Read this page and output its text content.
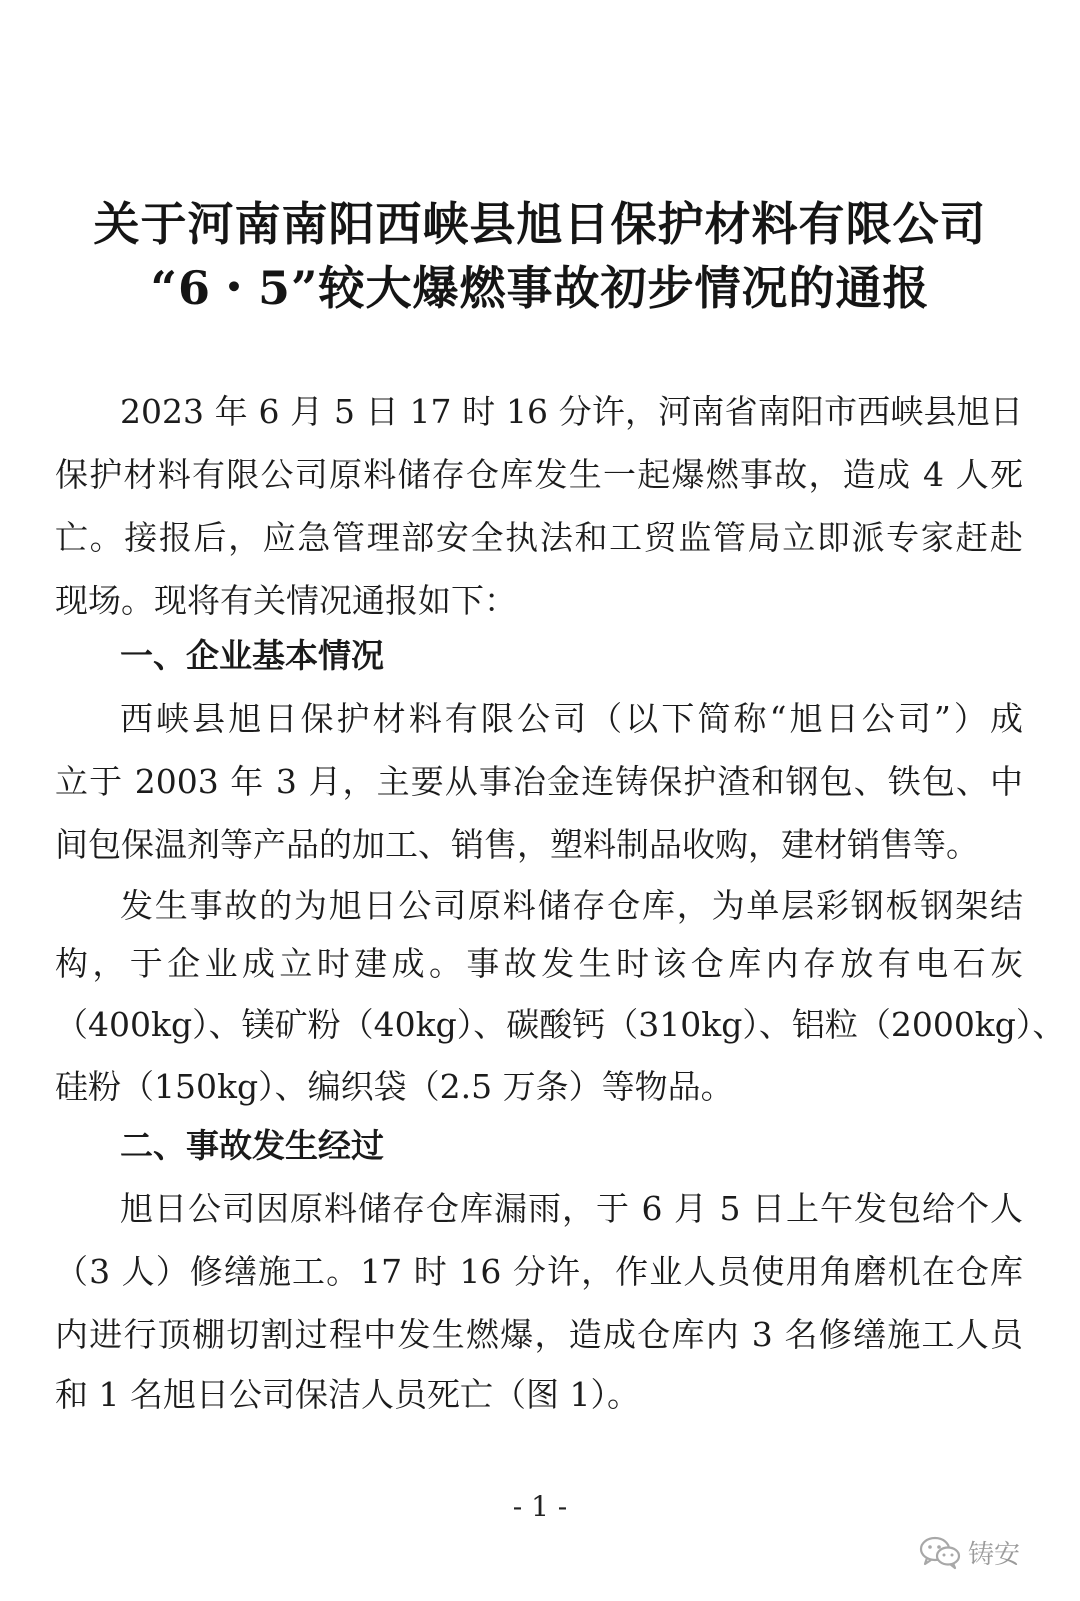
关于河南南阳西峡县旭日保护材料有限公司
“6・5”较大爆燃事故初步情况的通报
2023 年 6 月 5 日 17 时 16 分许，河南省南阳市西峡县旭日
保护材料有限公司原料储存仓库发生一起爆燃事故，造成 4 人死
亡。接报后，应急管理部安全执法和工贸监管局立即派专家赶赴
现场。现将有关情况通报如下：
一、企业基本情况
西峡县旭日保护材料有限公司（以下简称“旭日公司”）成
立于 2003 年 3 月，主要从事冶金连铸保护渣和钢包、铁包、中
间包保温剂等产品的加工、销售，塑料制品收购，建材销售等。
发生事故的为旭日公司原料储存仓库，为单层彩钢板钢架结
构，于企业成立时建成。事故发生时该仓库内存放有电石灰
（400kg）、镁矿粉（40kg）、碳酸钙（310kg）、铝粒（2000kg）、
硅粉（150kg）、编织袋（2.5 万条）等物品。
二、事故发生经过
旭日公司因原料储存仓库漏雨，于 6 月 5 日上午发包给个人
（3 人）修缮施工。17 时 16 分许，作业人员使用角磨机在仓库
内进行顶棚切割过程中发生燃爆，造成仓库内 3 名修缮施工人员
和 1 名旭日公司保洁人员死亡（图 1）。
- 1 -
铸安
